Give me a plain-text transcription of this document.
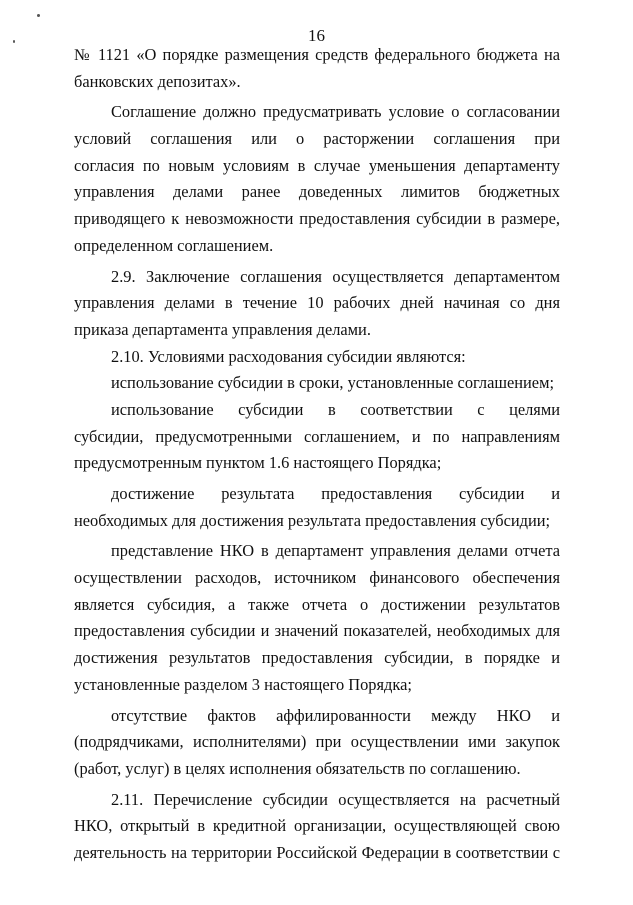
16
№ 1121 «О порядке размещения средств федерального бюджета на
банковских депозитах».
Соглашение должно предусматривать условие о согласовании
условий соглашения или о расторжении соглашения при
согласия по новым условиям в случае уменьшения департаменту
управления делами ранее доведенных лимитов бюджетных
приводящего к невозможности предоставления субсидии в размере,
определенном соглашением.
2.9. Заключение соглашения осуществляется департаментом
управления делами в течение 10 рабочих дней начиная со дня
приказа департамента управления делами.
2.10. Условиями расходования субсидии являются:
использование субсидии в сроки, установленные соглашением;
использование субсидии в соответствии с целями
субсидии, предусмотренными соглашением, и по направлениям
предусмотренным пунктом 1.6 настоящего Порядка;
достижение результата предоставления субсидии и
необходимых для достижения результата предоставления субсидии;
представление НКО в департамент управления делами отчета
осуществлении расходов, источником финансового обеспечения
является субсидия, а также отчета о достижении результатов
предоставления субсидии и значений показателей, необходимых для
достижения результатов предоставления субсидии, в порядке и
установленные разделом 3 настоящего Порядка;
отсутствие фактов аффилированности между НКО и
(подрядчиками, исполнителями) при осуществлении ими закупок
(работ, услуг) в целях исполнения обязательств по соглашению.
2.11. Перечисление субсидии осуществляется на расчетный
НКО, открытый в кредитной организации, осуществляющей свою
деятельность на территории Российской Федерации в соответствии с
